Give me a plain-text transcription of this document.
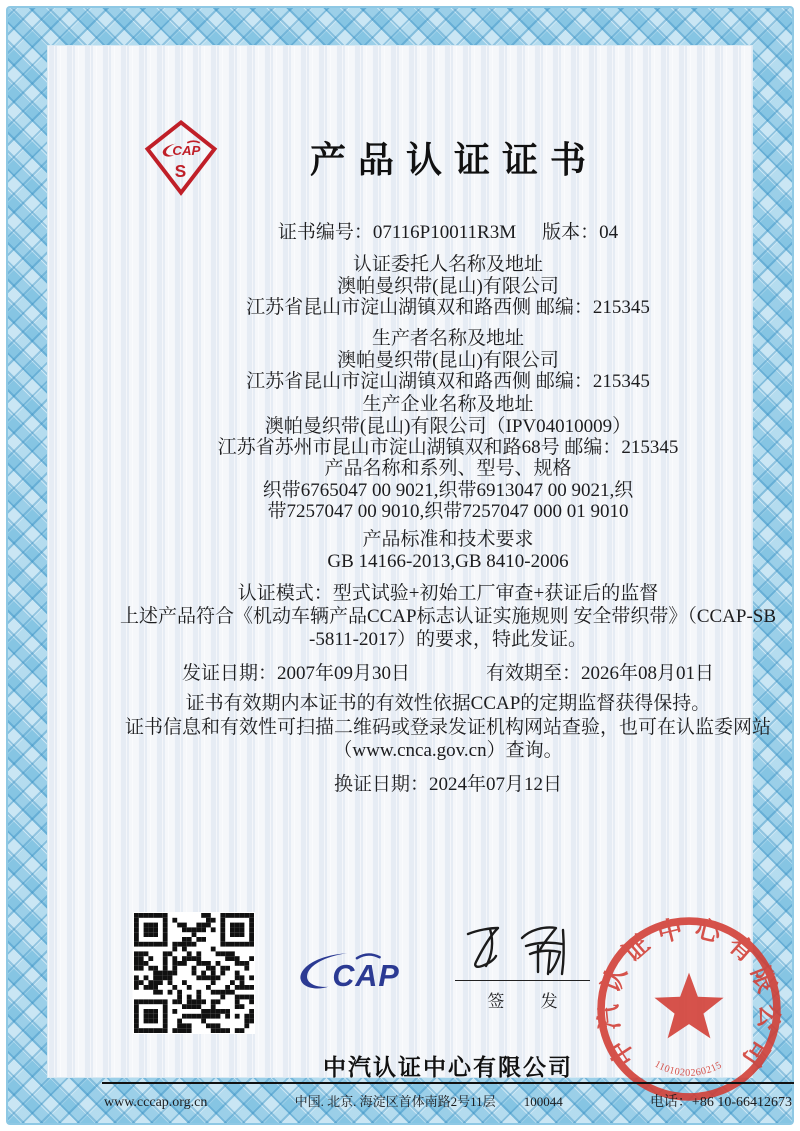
CAP
S	产品认证证书
证书编号：07116P10011R3M 版本：04
认证委托人名称及地址
澳帕曼织带(昆山)有限公司
江苏省昆山市淀山湖镇双和路西侧 邮编：215345
生产者名称及地址
澳帕曼织带(昆山)有限公司
江苏省昆山市淀山湖镇双和路西侧 邮编：215345
生产企业名称及地址
澳帕曼织带(昆山)有限公司（IPV04010009）
江苏省苏州市昆山市淀山湖镇双和路68号 邮编：215345
产品名称和系列、型号、规格
织带6765047 00 9021,织带6913047 00 9021,织
带7257047 00 9010,织带7257047 000 01 9010
产品标准和技术要求
GB 14166-2013,GB 8410-2006
认证模式：型式试验+初始工厂审查+获证后的监督
上述产品符合《机动车辆产品CCAP标志认证实施规则 安全带织带》（CCAP-SB
-5811-2017）的要求，特此发证。
发证日期：2007年09月30日	有效期至：2026年08月01日
证书有效期内本证书的有效性依据CCAP的定期监督获得保持。
证书信息和有效性可扫描二维码或登录发证机构网站查验，也可在认监委网站
（www.cnca.gov.cn）查询。
换证日期：2024年07月12日
CAP
签 发
中汽认证中心有限公司
1101020260215
中汽认证中心有限公司
www.cccap.org.cn	中国. 北京. 海淀区首体南路2号11层 100044	电话：+86 10-66412673
